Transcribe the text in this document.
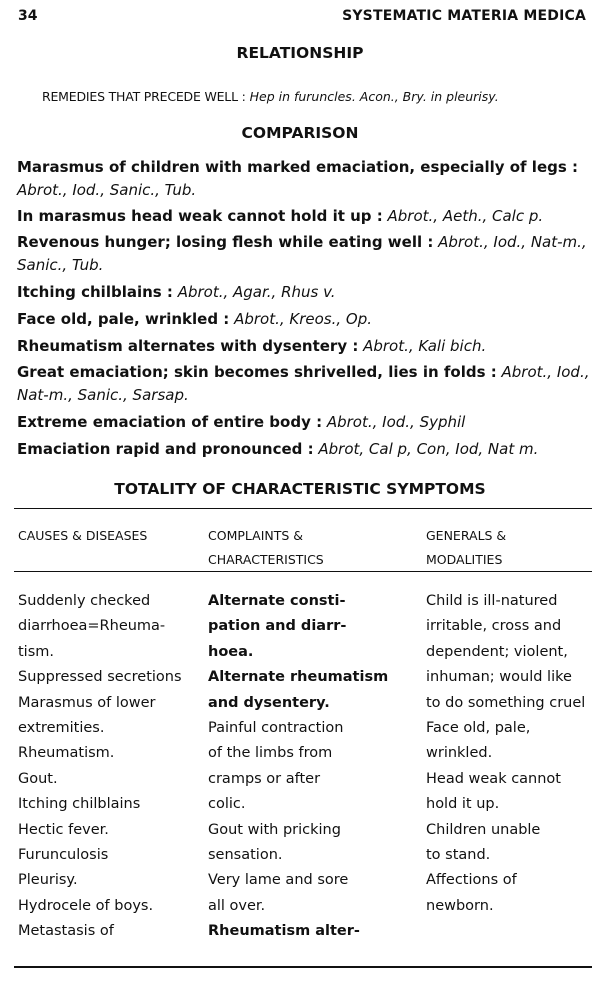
34	SYSTEMATIC MATERIA MEDICA
RELATIONSHIP
REMEDIES THAT PRECEDE WELL : Hep in furuncles. Acon., Bry. in pleurisy.
COMPARISON
Marasmus of children with marked emaciation, especially of legs : Abrot., Iod., Sanic., Tub.
In marasmus head weak cannot hold it up : Abrot., Aeth., Calc p.
Revenous hunger; losing flesh while eating well : Abrot., Iod., Nat-m., Sanic., Tub.
Itching chilblains : Abrot., Agar., Rhus v.
Face old, pale, wrinkled : Abrot., Kreos., Op.
Rheumatism alternates with dysentery : Abrot., Kali bich.
Great emaciation; skin becomes shrivelled, lies in folds : Abrot., Iod., Nat-m., Sanic., Sarsap.
Extreme emaciation of entire body : Abrot., Iod., Syphil
Emaciation rapid and pronounced : Abrot, Cal p, Con, Iod, Nat m.
TOTALITY OF CHARACTERISTIC SYMPTOMS
CAUSES & DISEASES	COMPLAINTS &
CHARACTERISTICS
GENERALS &
MODALITIES
Suddenly checked
diarrhoea=Rheuma-
tism.
Suppressed secretions
Marasmus of lower
extremities.
Rheumatism.
Gout.
Itching chilblains
Hectic fever.
Furunculosis
Pleurisy.
Hydrocele of boys.
Metastasis of
Alternate consti-
pation and diarr-
hoea.
Alternate rheumatism
and dysentery.
Painful contraction
of the limbs from
cramps or after
colic.
Gout with pricking
sensation.
Very lame and sore
all over.
Rheumatism alter-
Child is ill-natured
irritable, cross and
dependent; violent,
inhuman; would like
to do something cruel
Face old, pale,
wrinkled.
Head weak cannot
hold it up.
Children unable
to stand.
Affections of
newborn.
